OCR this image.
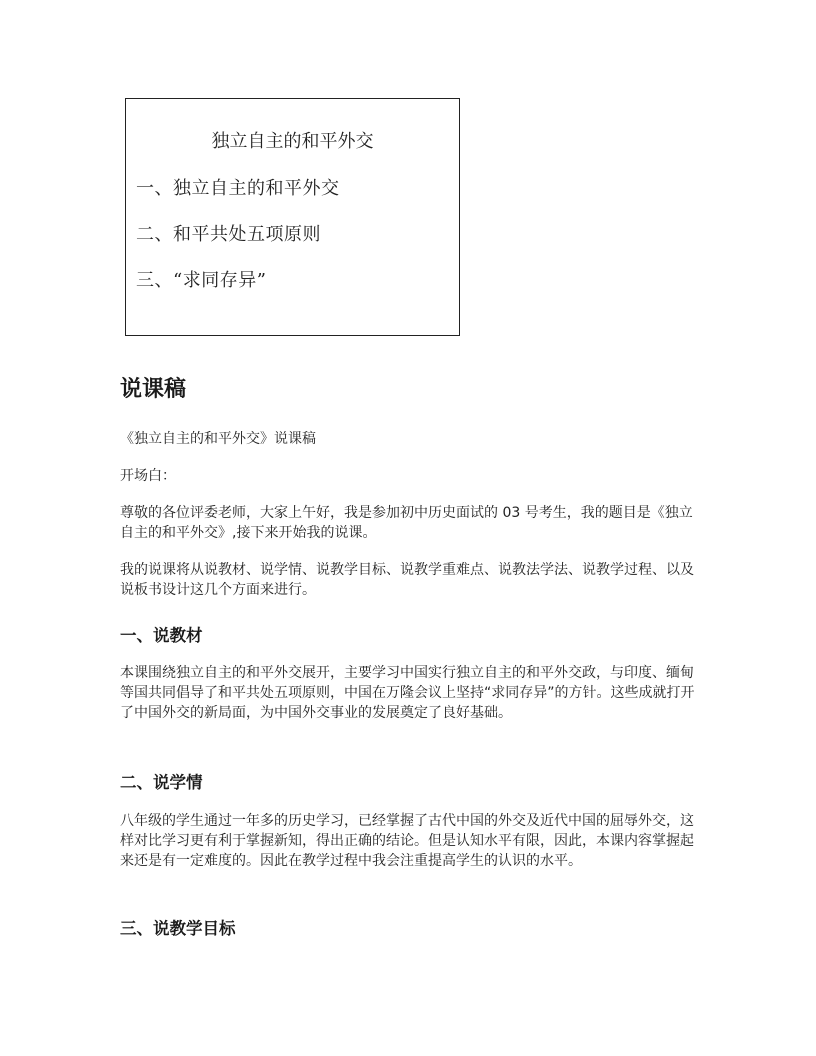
独立自主的和平外交
一、独立自主的和平外交
二、和平共处五项原则
三、“求同存异”
说课稿
《独立自主的和平外交》说课稿
开场白：
尊敬的各位评委老师，大家上午好，我是参加初中历史面试的 03 号考生，我的题目是《独立自主的和平外交》,接下来开始我的说课。
我的说课将从说教材、说学情、说教学目标、说教学重难点、说教法学法、说教学过程、以及说板书设计这几个方面来进行。
一、说教材
本课围绕独立自主的和平外交展开，主要学习中国实行独立自主的和平外交政，与印度、缅甸等国共同倡导了和平共处五项原则，中国在万隆会议上坚持“求同存异”的方针。这些成就打开了中国外交的新局面，为中国外交事业的发展奠定了良好基础。
二、说学情
八年级的学生通过一年多的历史学习，已经掌握了古代中国的外交及近代中国的屈辱外交，这样对比学习更有利于掌握新知，得出正确的结论。但是认知水平有限，因此，本课内容掌握起来还是有一定难度的。因此在教学过程中我会注重提高学生的认识的水平。
三、说教学目标
